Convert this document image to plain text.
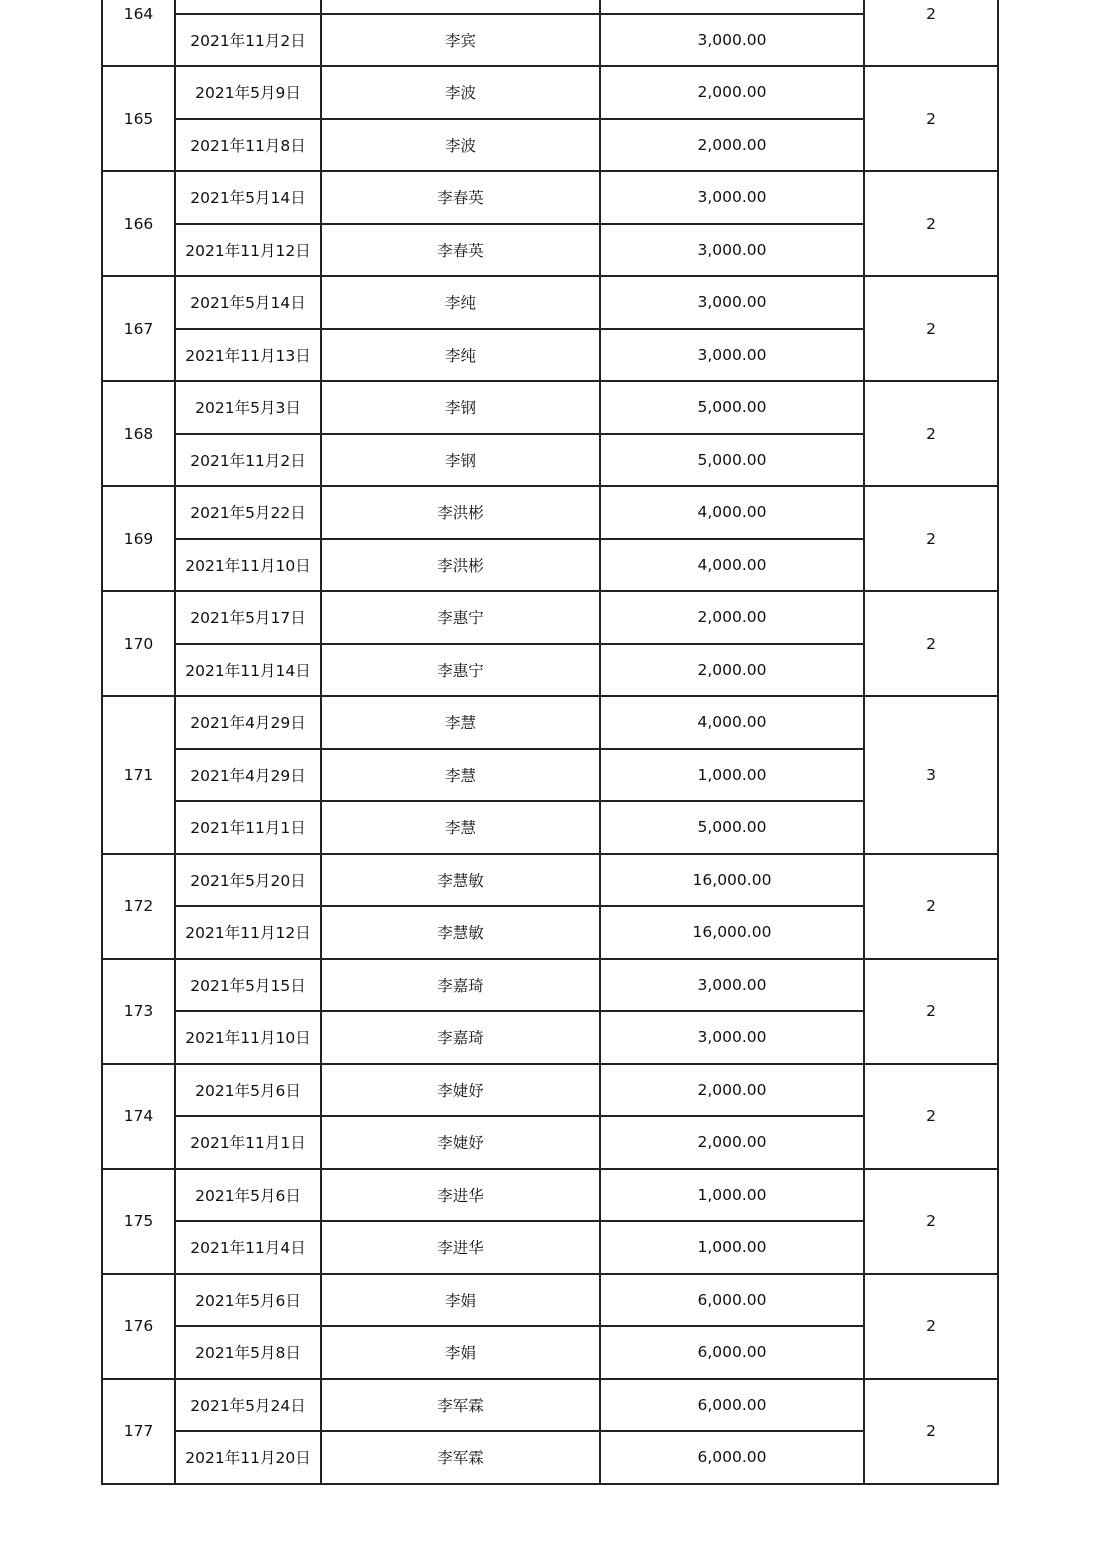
164				2
	2021年11月2日	李宾	3,000.00	
165	2021年5月9日	李波	2,000.00	2
	2021年11月8日	李波	2,000.00	
166	2021年5月14日	李春英	3,000.00	2
	2021年11月12日	李春英	3,000.00	
167	2021年5月14日	李纯	3,000.00	2
	2021年11月13日	李纯	3,000.00	
168	2021年5月3日	李钢	5,000.00	2
	2021年11月2日	李钢	5,000.00	
169	2021年5月22日	李洪彬	4,000.00	2
	2021年11月10日	李洪彬	4,000.00	
170	2021年5月17日	李惠宁	2,000.00	2
	2021年11月14日	李惠宁	2,000.00	
171	2021年4月29日	李慧	4,000.00	3
	2021年4月29日	李慧	1,000.00	
	2021年11月1日	李慧	5,000.00	
172	2021年5月20日	李慧敏	16,000.00	2
	2021年11月12日	李慧敏	16,000.00	
173	2021年5月15日	李嘉琦	3,000.00	2
	2021年11月10日	李嘉琦	3,000.00	
174	2021年5月6日	李婕妤	2,000.00	2
	2021年11月1日	李婕妤	2,000.00	
175	2021年5月6日	李进华	1,000.00	2
	2021年11月4日	李进华	1,000.00	
176	2021年5月6日	李娟	6,000.00	2
	2021年5月8日	李娟	6,000.00	
177	2021年5月24日	李军霖	6,000.00	2
	2021年11月20日	李军霖	6,000.00	
